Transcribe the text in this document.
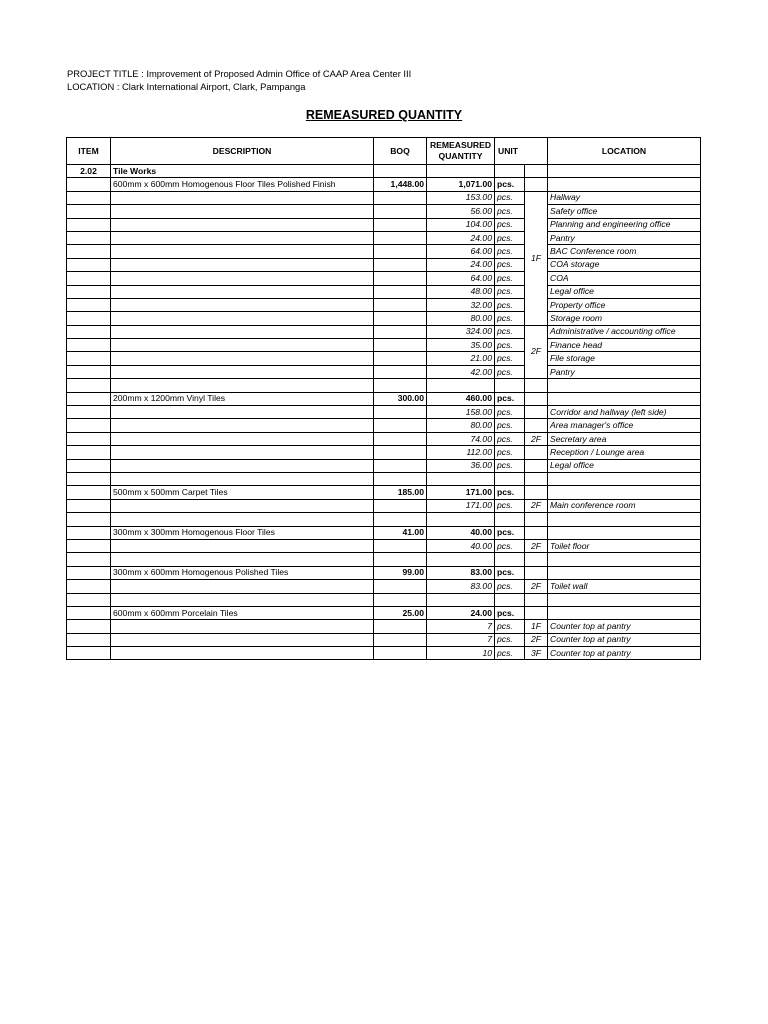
PROJECT TITLE : Improvement of Proposed Admin Office of CAAP Area Center III
LOCATION : Clark International Airport, Clark, Pampanga
REMEASURED QUANTITY
ITEM	DESCRIPTION	BOQ	REMEASURED QUANTITY	UNIT		LOCATION
2.02	Tile Works					
	600mm x 600mm Homogenous Floor Tiles Polished Finish	1,448.00	1,071.00	pcs.		
			153.00	pcs.	1F	Hallway
			56.00	pcs.		Safety office
			104.00	pcs.		Planning and engineering office
			24.00	pcs.		Pantry
			64.00	pcs.		BAC Conference room
			24.00	pcs.		COA storage
			64.00	pcs.		COA
			48.00	pcs.		Legal office
			32.00	pcs.		Property office
			80.00	pcs.		Storage room
			324.00	pcs.	2F	Administrative / accounting office
			35.00	pcs.		Finance head
			21.00	pcs.		File storage
			42.00	pcs.		Pantry

	200mm x 1200mm Vinyl Tiles	300.00	460.00	pcs.		
			158.00	pcs.		Corridor and hallway (left side)
			80.00	pcs.		Area manager's office
			74.00	pcs.	2F	Secretary area
			112.00	pcs.		Reception / Lounge area
			36.00	pcs.		Legal office

	500mm x 500mm Carpet Tiles	185.00	171.00	pcs.		
			171.00	pcs.	2F	Main conference room

	300mm x 300mm Homogenous Floor Tiles	41.00	40.00	pcs.		
			40.00	pcs.	2F	Toilet floor

	300mm x 600mm Homogenous Polished Tiles	99.00	83.00	pcs.		
			83.00	pcs.	2F	Toilet wall

	600mm x 600mm Porcelain Tiles	25.00	24.00	pcs.		
			7	pcs.	1F	Counter top at pantry
			7	pcs.	2F	Counter top at pantry
			10	pcs.	3F	Counter top at pantry
